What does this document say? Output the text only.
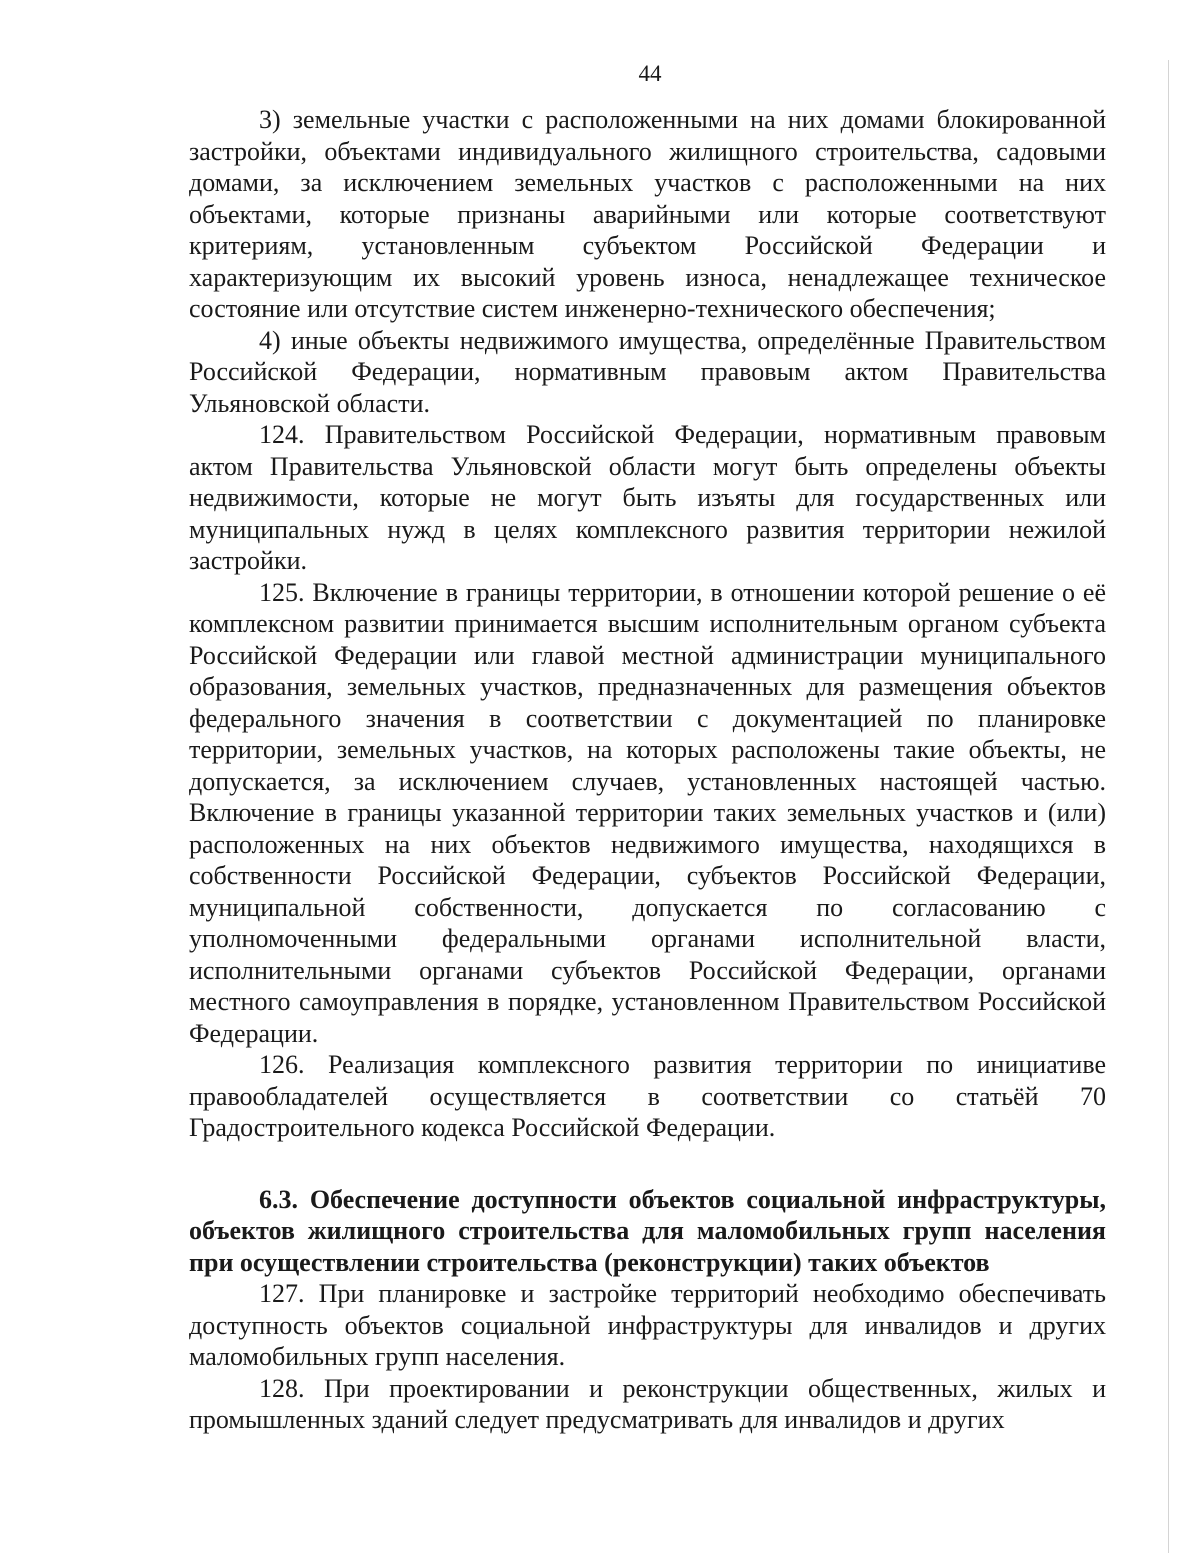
44

3) земельные участки с расположенными на них домами блокированной застройки, объектами индивидуального жилищного строительства, садовыми домами, за исключением земельных участков с расположенными на них объектами, которые признаны аварийными или которые соответствуют критериям, установленным субъектом Российской Федерации и характеризующим их высокий уровень износа, ненадлежащее техническое состояние или отсутствие систем инженерно-технического обеспечения;

4) иные объекты недвижимого имущества, определённые Правительством Российской Федерации, нормативным правовым актом Правительства Ульяновской области.

124. Правительством Российской Федерации, нормативным правовым актом Правительства Ульяновской области могут быть определены объекты недвижимости, которые не могут быть изъяты для государственных или муниципальных нужд в целях комплексного развития территории нежилой застройки.

125. Включение в границы территории, в отношении которой решение о её комплексном развитии принимается высшим исполнительным органом субъекта Российской Федерации или главой местной администрации муниципального образования, земельных участков, предназначенных для размещения объектов федерального значения в соответствии с документацией по планировке территории, земельных участков, на которых расположены такие объекты, не допускается, за исключением случаев, установленных настоящей частью. Включение в границы указанной территории таких земельных участков и (или) расположенных на них объектов недвижимого имущества, находящихся в собственности Российской Федерации, субъектов Российской Федерации, муниципальной собственности, допускается по согласованию с уполномоченными федеральными органами исполнительной власти, исполнительными органами субъектов Российской Федерации, органами местного самоуправления в порядке, установленном Правительством Российской Федерации.

126. Реализация комплексного развития территории по инициативе правообладателей осуществляется в соответствии со статьёй 70 Градостроительного кодекса Российской Федерации.

6.3. Обеспечение доступности объектов социальной инфраструктуры, объектов жилищного строительства для маломобильных групп населения при осуществлении строительства (реконструкции) таких объектов

127. При планировке и застройке территорий необходимо обеспечивать доступность объектов социальной инфраструктуры для инвалидов и других маломобильных групп населения.

128. При проектировании и реконструкции общественных, жилых и промышленных зданий следует предусматривать для инвалидов и других
